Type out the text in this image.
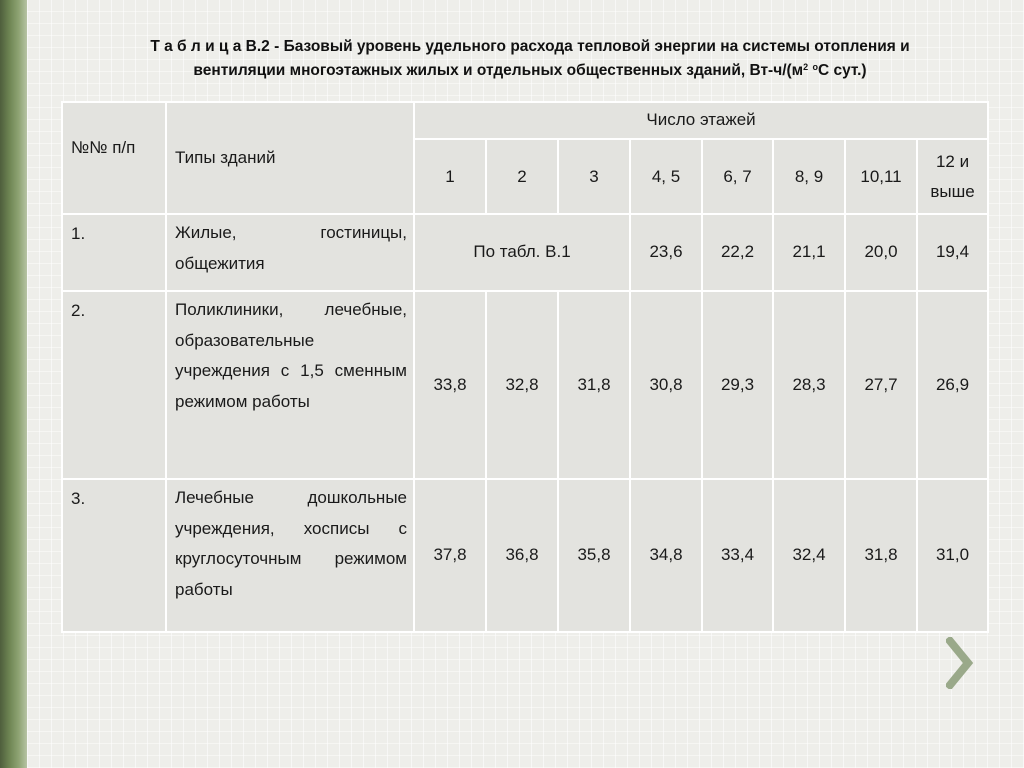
Т а б л и ц а В.2 - Базовый уровень удельного расхода тепловой энергии на системы отопления и
вентиляции многоэтажных жилых и отдельных общественных зданий, $Вт-ч/(м^2$ $^о$С сут.)
№№ п/п	Типы зданий	Число этажей							
		1	2	3	4, 5	6, 7	8, 9	10,11	12 и выше
1.	Жилые, гостиницы, общежития	По табл. В.1			23,6	22,2	21,1	20,0	19,4
2.	Поликлиники, лечебные, образовательные учреждения с 1,5 сменным режимом работы	33,8	32,8	31,8	30,8	29,3	28,3	27,7	26,9
3.	Лечебные дошкольные учреждения, хосписы с круглосуточным режимом работы	37,8	36,8	35,8	34,8	33,4	32,4	31,8	31,0
